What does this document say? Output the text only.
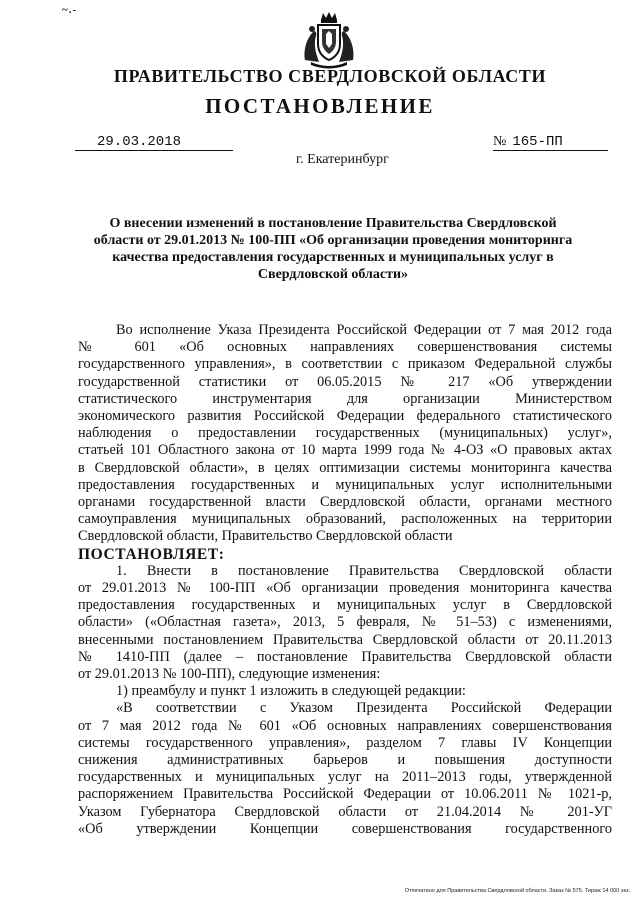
~.-
ПРАВИТЕЛЬСТВО СВЕРДЛОВСКОЙ ОБЛАСТИ
ПОСТАНОВЛЕНИЕ
29.03.2018	№ 165-ПП
г. Екатеринбург
О внесении изменений в постановление Правительства Свердловской области от 29.01.2013 № 100-ПП «Об организации проведения мониторинга качества предоставления государственных и муниципальных услуг в Свердловской области»

Во исполнение Указа Президента Российской Федерации от 7 мая 2012 года

№ 601 «Об основных направлениях совершенствования системы

государственного управления», в соответствии с приказом Федеральной службы

государственной статистики от 06.05.2015 № 217 «Об утверждении

статистического инструментария для организации Министерством

экономического развития Российской Федерации федерального статистического

наблюдения о предоставлении государственных (муниципальных) услуг»,

статьей 101 Областного закона от 10 марта 1999 года № 4-ОЗ «О правовых актах

в Свердловской области», в целях оптимизации системы мониторинга качества

предоставления государственных и муниципальных услуг исполнительными

органами государственной власти Свердловской области, органами местного

самоуправления муниципальных образований, расположенных на территории

Свердловской области, Правительство Свердловской области

ПОСТАНОВЛЯЕТ:

1. Внести в постановление Правительства Свердловской области

от 29.01.2013 № 100-ПП «Об организации проведения мониторинга качества

предоставления государственных и муниципальных услуг в Свердловской

области» («Областная газета», 2013, 5 февраля, № 51–53) с изменениями,

внесенными постановлением Правительства Свердловской области от 20.11.2013

№ 1410-ПП (далее – постановление Правительства Свердловской области

от 29.01.2013 № 100-ПП), следующие изменения:

1) преамбулу и пункт 1 изложить в следующей редакции:

«В соответствии с Указом Президента Российской Федерации

от 7 мая 2012 года № 601 «Об основных направлениях совершенствования

системы государственного управления», разделом 7 главы IV Концепции

снижения административных барьеров и повышения доступности

государственных и муниципальных услуг на 2011–2013 годы, утвержденной

распоряжением Правительства Российской Федерации от 10.06.2011 № 1021-р,

Указом Губернатора Свердловской области от 21.04.2014 № 201-УГ

«Об утверждении Концепции совершенствования государственного

Отпечатано для Правительства Свердловской области. Заказ № 575. Тираж 14 000 экз.
